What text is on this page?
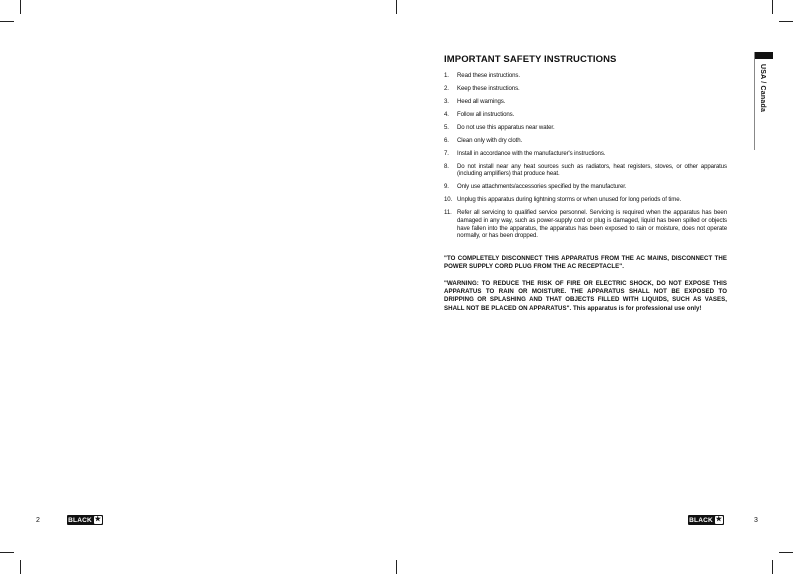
IMPORTANT SAFETY INSTRUCTIONS
1.	Read these instructions.
2.	Keep these instructions.
3.	Heed all warnings.
4.	Follow all instructions.
5.	Do not use this apparatus near water.
6.	Clean only with dry cloth.
7.	Install in accordance with the manufacturer's instructions.
8.	Do not install near any heat sources such as radiators, heat registers, stoves, or other apparatus (including amplifiers) that produce heat.
9.	Only use attachments/accessories specified by the manufacturer.
10. Unplug this apparatus during lightning storms or when unused for long periods of time.
11. Refer all servicing to qualified service personnel. Servicing is required when the apparatus has been damaged in any way, such as power-supply cord or plug is damaged, liquid has been spilled or objects have fallen into the apparatus, the apparatus has been exposed to rain or moisture, does not operate normally, or has been dropped.

"TO COMPLETELY DISCONNECT THIS APPARATUS FROM THE AC MAINS, DISCONNECT THE POWER SUPPLY CORD PLUG FROM THE AC RECEPTACLE".

"WARNING: TO REDUCE THE RISK OF FIRE OR ELECTRIC SHOCK, DO NOT EXPOSE THIS APPARATUS TO RAIN OR MOISTURE. THE APPARATUS SHALL NOT BE EXPOSED TO DRIPPING OR SPLASHING AND THAT OBJECTS FILLED WITH LIQUIDS, SUCH AS VASES, SHALL NOT BE PLACED ON APPARATUS". This apparatus is for professional use only!

USA / Canada
2	BLACK ★	BLACK ★	3
